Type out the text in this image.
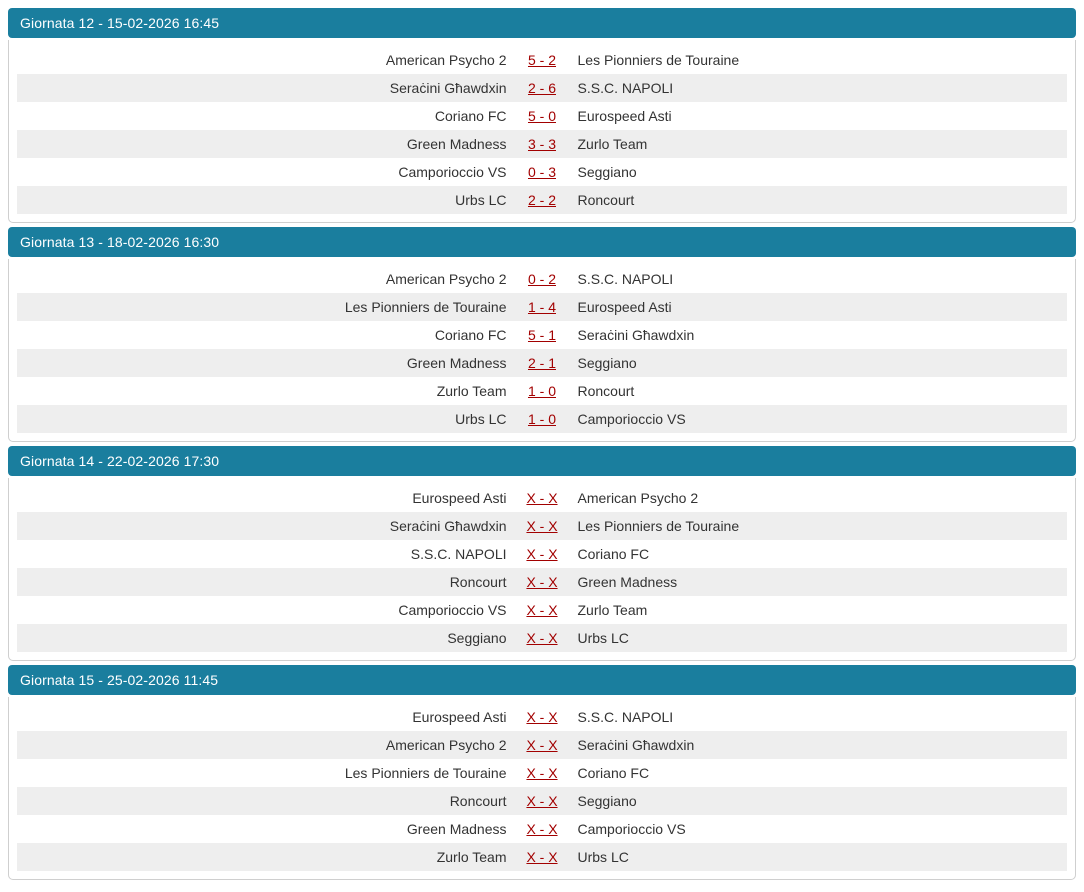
Giornata 12 - 15-02-2026 16:45
American Psycho 2	5 - 2	Les Pionniers de Touraine
Seraċini Għawdxin	2 - 6	S.S.C. NAPOLI
Coriano FC	5 - 0	Eurospeed Asti
Green Madness	3 - 3	Zurlo Team
Camporioccio VS	0 - 3	Seggiano
Urbs LC	2 - 2	Roncourt
Giornata 13 - 18-02-2026 16:30
American Psycho 2	0 - 2	S.S.C. NAPOLI
Les Pionniers de Touraine	1 - 4	Eurospeed Asti
Coriano FC	5 - 1	Seraċini Għawdxin
Green Madness	2 - 1	Seggiano
Zurlo Team	1 - 0	Roncourt
Urbs LC	1 - 0	Camporioccio VS
Giornata 14 - 22-02-2026 17:30
Eurospeed Asti	X - X	American Psycho 2
Seraċini Għawdxin	X - X	Les Pionniers de Touraine
S.S.C. NAPOLI	X - X	Coriano FC
Roncourt	X - X	Green Madness
Camporioccio VS	X - X	Zurlo Team
Seggiano	X - X	Urbs LC
Giornata 15 - 25-02-2026 11:45
Eurospeed Asti	X - X	S.S.C. NAPOLI
American Psycho 2	X - X	Seraċini Għawdxin
Les Pionniers de Touraine	X - X	Coriano FC
Roncourt	X - X	Seggiano
Green Madness	X - X	Camporioccio VS
Zurlo Team	X - X	Urbs LC
